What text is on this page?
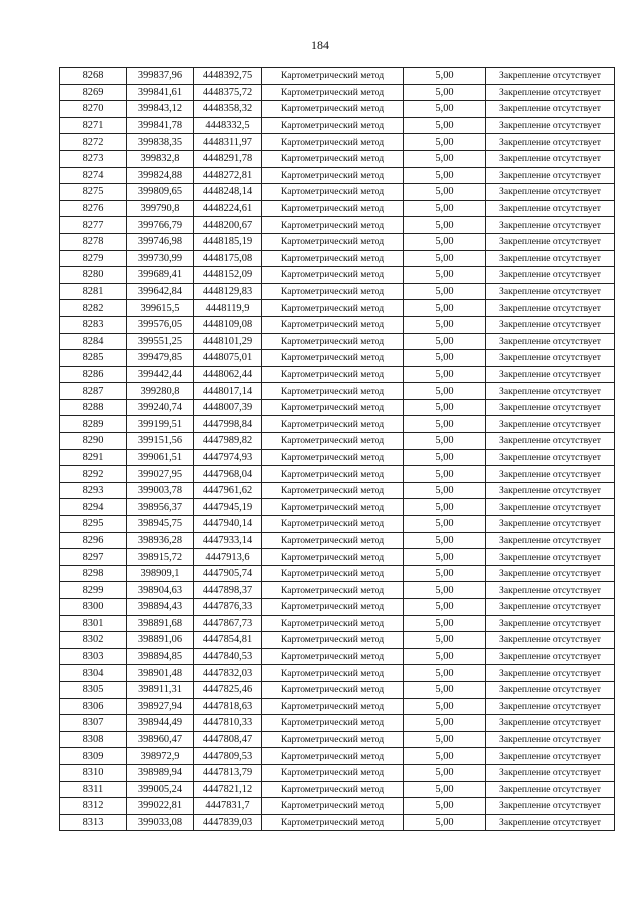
184
8268	399837,96	4448392,75	Картометрический метод	5,00	Закрепление отсутствует
8269	399841,61	4448375,72	Картометрический метод	5,00	Закрепление отсутствует
8270	399843,12	4448358,32	Картометрический метод	5,00	Закрепление отсутствует
8271	399841,78	4448332,5	Картометрический метод	5,00	Закрепление отсутствует
8272	399838,35	4448311,97	Картометрический метод	5,00	Закрепление отсутствует
8273	399832,8	4448291,78	Картометрический метод	5,00	Закрепление отсутствует
8274	399824,88	4448272,81	Картометрический метод	5,00	Закрепление отсутствует
8275	399809,65	4448248,14	Картометрический метод	5,00	Закрепление отсутствует
8276	399790,8	4448224,61	Картометрический метод	5,00	Закрепление отсутствует
8277	399766,79	4448200,67	Картометрический метод	5,00	Закрепление отсутствует
8278	399746,98	4448185,19	Картометрический метод	5,00	Закрепление отсутствует
8279	399730,99	4448175,08	Картометрический метод	5,00	Закрепление отсутствует
8280	399689,41	4448152,09	Картометрический метод	5,00	Закрепление отсутствует
8281	399642,84	4448129,83	Картометрический метод	5,00	Закрепление отсутствует
8282	399615,5	4448119,9	Картометрический метод	5,00	Закрепление отсутствует
8283	399576,05	4448109,08	Картометрический метод	5,00	Закрепление отсутствует
8284	399551,25	4448101,29	Картометрический метод	5,00	Закрепление отсутствует
8285	399479,85	4448075,01	Картометрический метод	5,00	Закрепление отсутствует
8286	399442,44	4448062,44	Картометрический метод	5,00	Закрепление отсутствует
8287	399280,8	4448017,14	Картометрический метод	5,00	Закрепление отсутствует
8288	399240,74	4448007,39	Картометрический метод	5,00	Закрепление отсутствует
8289	399199,51	4447998,84	Картометрический метод	5,00	Закрепление отсутствует
8290	399151,56	4447989,82	Картометрический метод	5,00	Закрепление отсутствует
8291	399061,51	4447974,93	Картометрический метод	5,00	Закрепление отсутствует
8292	399027,95	4447968,04	Картометрический метод	5,00	Закрепление отсутствует
8293	399003,78	4447961,62	Картометрический метод	5,00	Закрепление отсутствует
8294	398956,37	4447945,19	Картометрический метод	5,00	Закрепление отсутствует
8295	398945,75	4447940,14	Картометрический метод	5,00	Закрепление отсутствует
8296	398936,28	4447933,14	Картометрический метод	5,00	Закрепление отсутствует
8297	398915,72	4447913,6	Картометрический метод	5,00	Закрепление отсутствует
8298	398909,1	4447905,74	Картометрический метод	5,00	Закрепление отсутствует
8299	398904,63	4447898,37	Картометрический метод	5,00	Закрепление отсутствует
8300	398894,43	4447876,33	Картометрический метод	5,00	Закрепление отсутствует
8301	398891,68	4447867,73	Картометрический метод	5,00	Закрепление отсутствует
8302	398891,06	4447854,81	Картометрический метод	5,00	Закрепление отсутствует
8303	398894,85	4447840,53	Картометрический метод	5,00	Закрепление отсутствует
8304	398901,48	4447832,03	Картометрический метод	5,00	Закрепление отсутствует
8305	398911,31	4447825,46	Картометрический метод	5,00	Закрепление отсутствует
8306	398927,94	4447818,63	Картометрический метод	5,00	Закрепление отсутствует
8307	398944,49	4447810,33	Картометрический метод	5,00	Закрепление отсутствует
8308	398960,47	4447808,47	Картометрический метод	5,00	Закрепление отсутствует
8309	398972,9	4447809,53	Картометрический метод	5,00	Закрепление отсутствует
8310	398989,94	4447813,79	Картометрический метод	5,00	Закрепление отсутствует
8311	399005,24	4447821,12	Картометрический метод	5,00	Закрепление отсутствует
8312	399022,81	4447831,7	Картометрический метод	5,00	Закрепление отсутствует
8313	399033,08	4447839,03	Картометрический метод	5,00	Закрепление отсутствует
